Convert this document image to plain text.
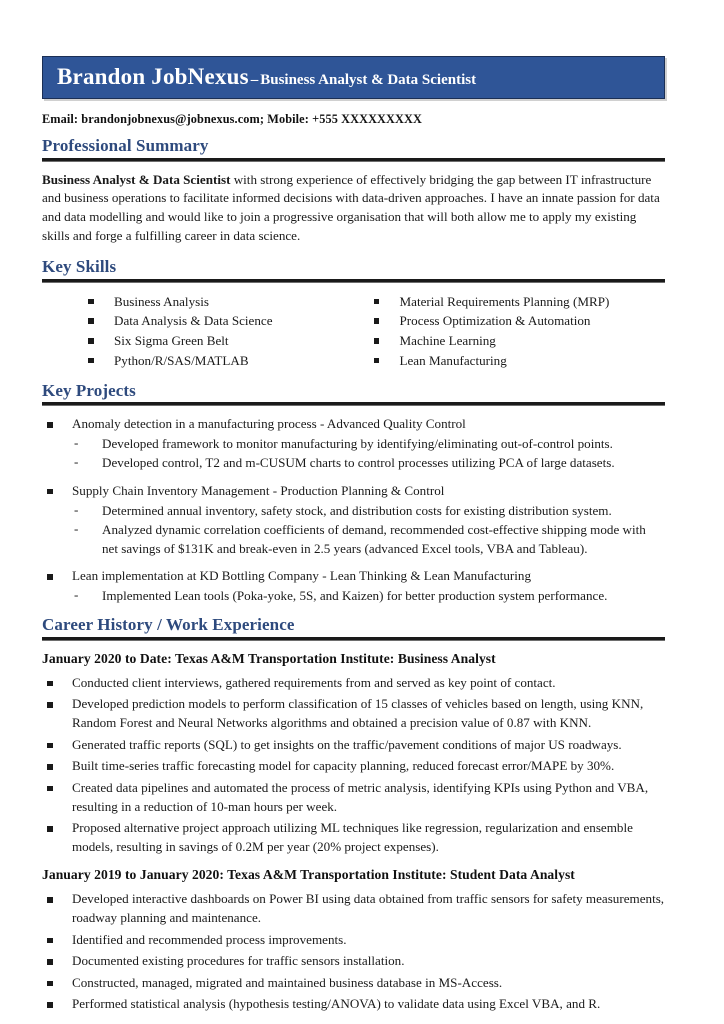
Brandon JobNexus – Business Analyst & Data Scientist
Email: brandonjobnexus@jobnexus.com; Mobile: +555 XXXXXXXXX
Professional Summary

Business Analyst & Data Scientist with strong experience of effectively bridging the gap between IT infrastructure and business operations to facilitate informed decisions with data-driven approaches. I have an innate passion for data and data modelling and would like to join a progressive organisation that will both allow me to apply my existing skills and forge a fulfilling career in data science.

Key Skills
Business Analysis
Data Analysis & Data Science
Six Sigma Green Belt
Python/R/SAS/MATLAB
Material Requirements Planning (MRP)
Process Optimization & Automation
Machine Learning
Lean Manufacturing
Key Projects
Anomaly detection in a manufacturing process - Advanced Quality Control
- Developed framework to monitor manufacturing by identifying/eliminating out-of-control points.
- Developed control, T2 and m-CUSUM charts to control processes utilizing PCA of large datasets.
Supply Chain Inventory Management - Production Planning & Control
- Determined annual inventory, safety stock, and distribution costs for existing distribution system.
- Analyzed dynamic correlation coefficients of demand, recommended cost-effective shipping mode with net savings of $131K and break-even in 2.5 years (advanced Excel tools, VBA and Tableau).
Lean implementation at KD Bottling Company - Lean Thinking & Lean Manufacturing
- Implemented Lean tools (Poka-yoke, 5S, and Kaizen) for better production system performance.
Career History / Work Experience
January 2020 to Date: Texas A&M Transportation Institute: Business Analyst
Conducted client interviews, gathered requirements from and served as key point of contact.
Developed prediction models to perform classification of 15 classes of vehicles based on length, using KNN, Random Forest and Neural Networks algorithms and obtained a precision value of 0.87 with KNN.
Generated traffic reports (SQL) to get insights on the traffic/pavement conditions of major US roadways.
Built time-series traffic forecasting model for capacity planning, reduced forecast error/MAPE by 30%.
Created data pipelines and automated the process of metric analysis, identifying KPIs using Python and VBA, resulting in a reduction of 10-man hours per week.
Proposed alternative project approach utilizing ML techniques like regression, regularization and ensemble models, resulting in savings of 0.2M per year (20% project expenses).
January 2019 to January 2020: Texas A&M Transportation Institute: Student Data Analyst
Developed interactive dashboards on Power BI using data obtained from traffic sensors for safety measurements, roadway planning and maintenance.
Identified and recommended process improvements.
Documented existing procedures for traffic sensors installation.
Constructed, managed, migrated and maintained business database in MS-Access.
Performed statistical analysis (hypothesis testing/ANOVA) to validate data using Excel VBA, and R.
